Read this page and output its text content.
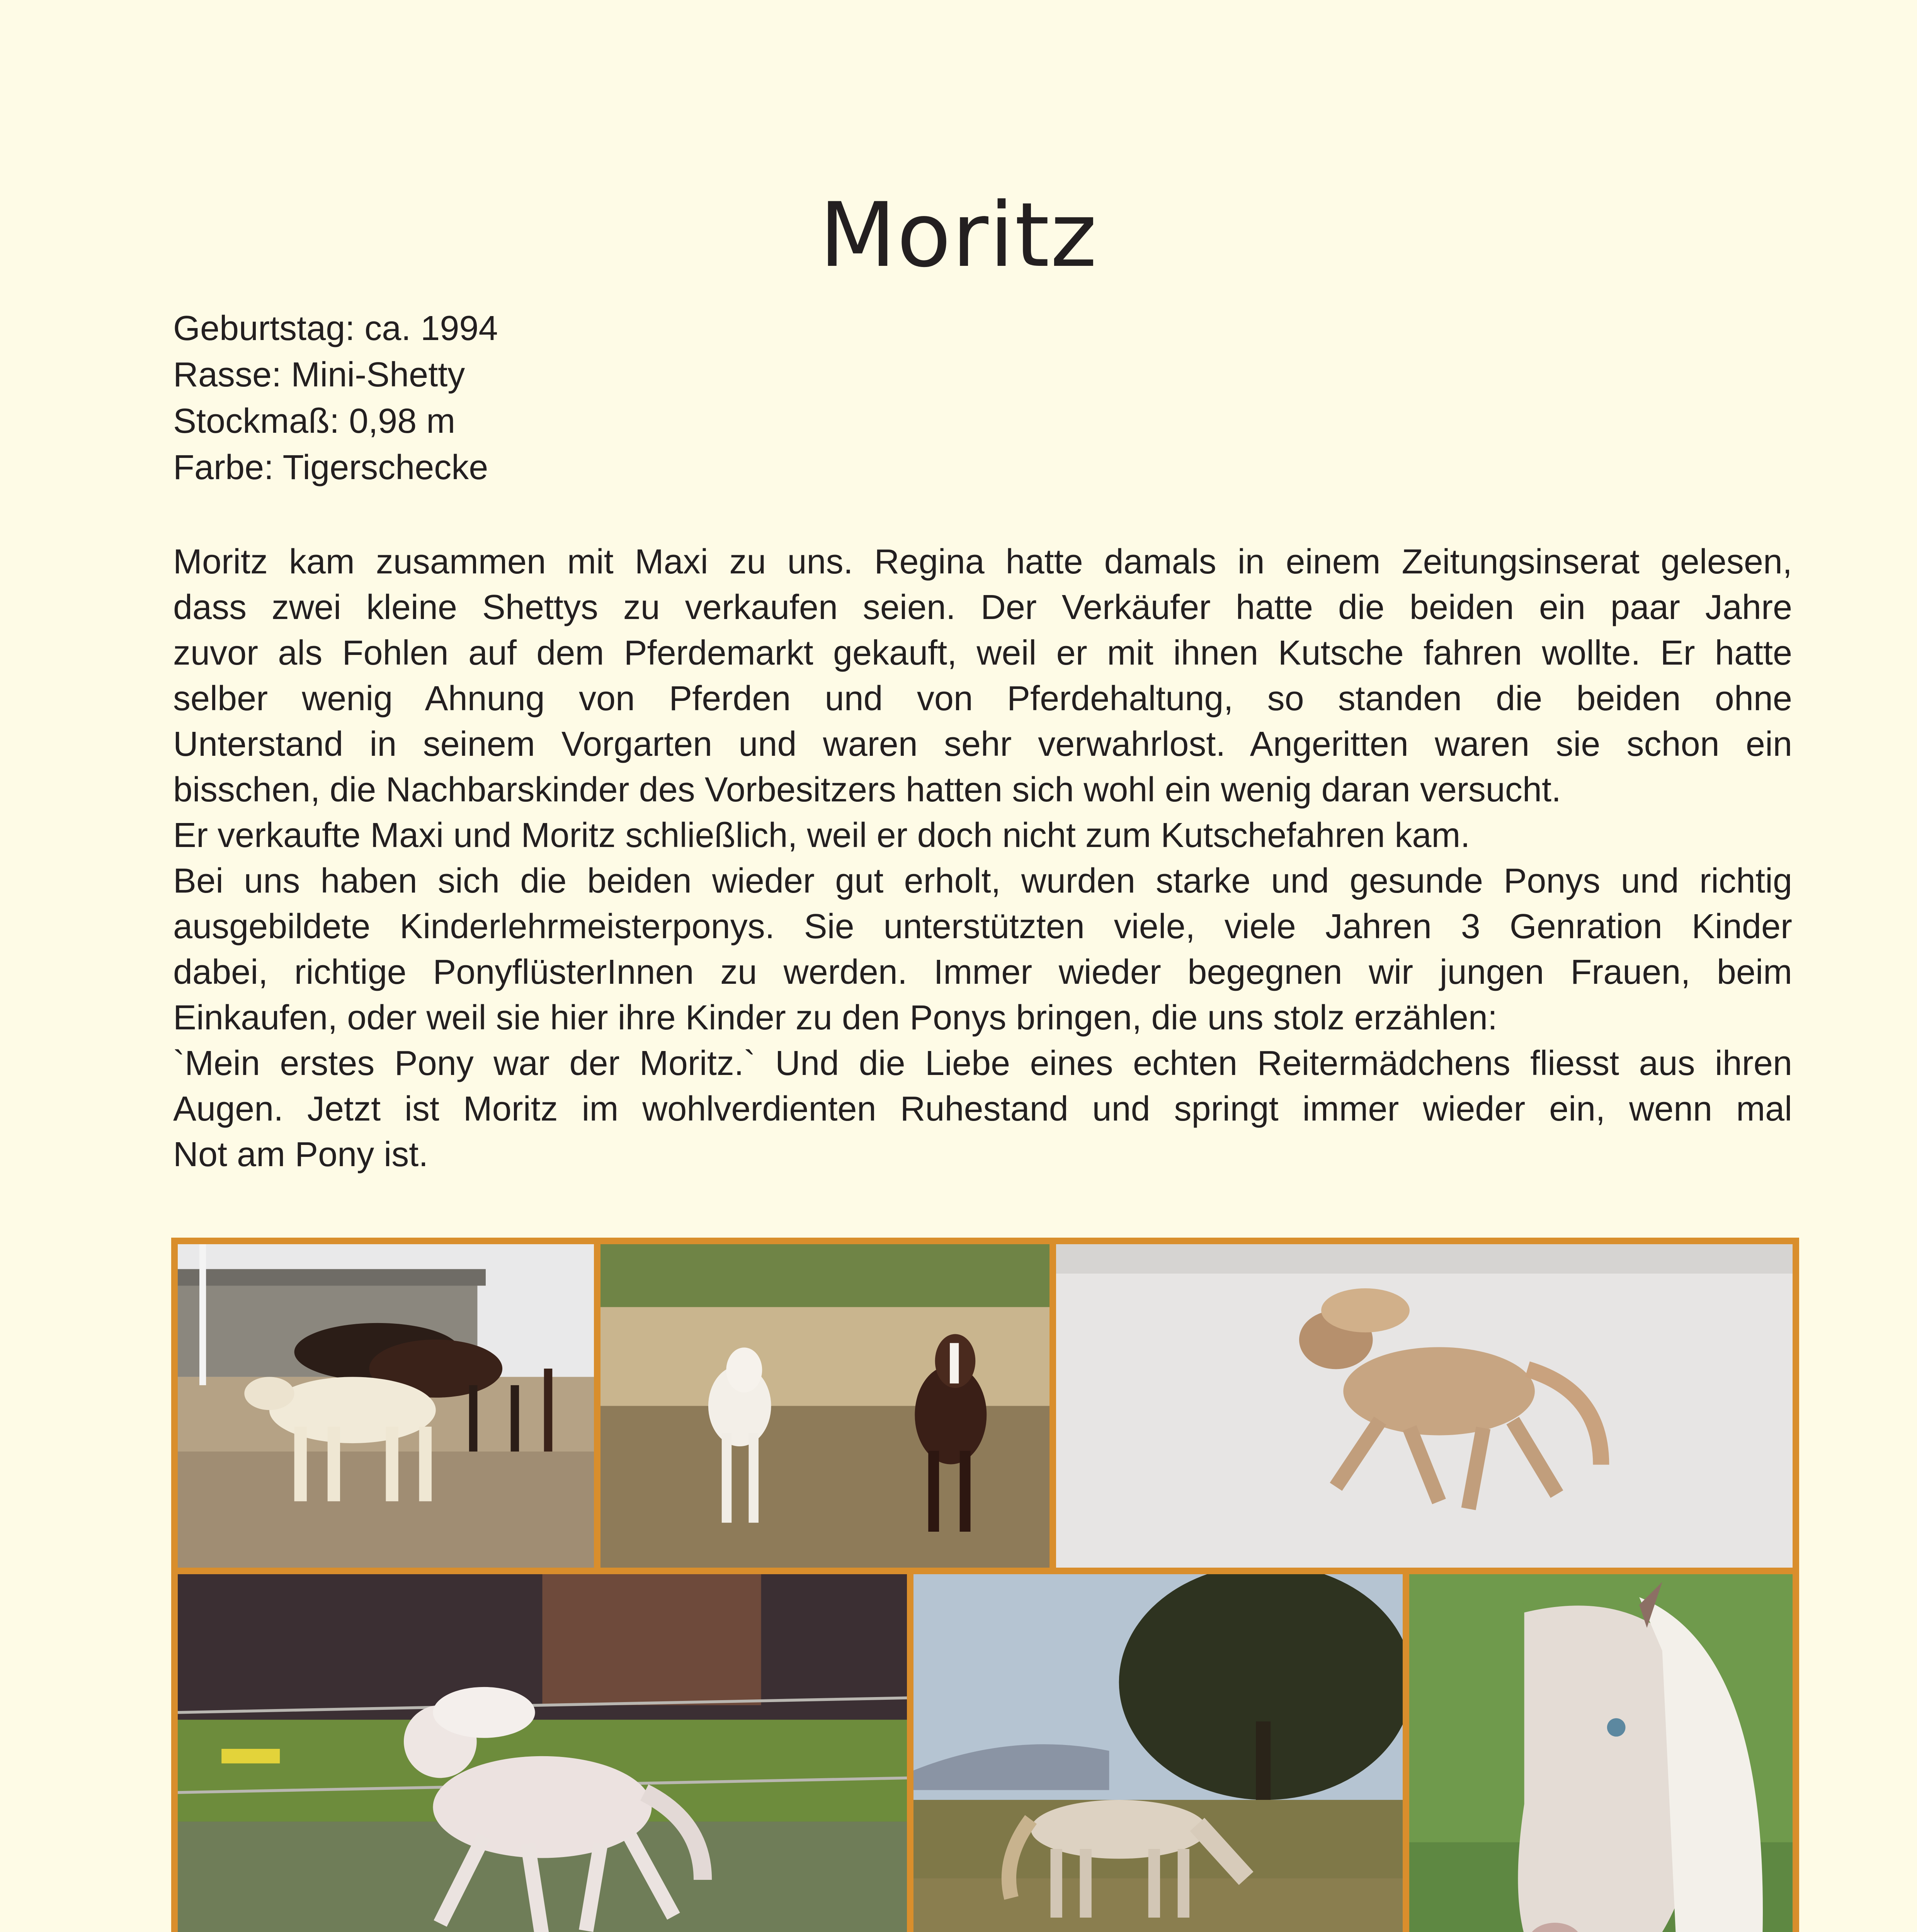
Moritz
Geburtstag: ca. 1994
Rasse: Mini-Shetty
Stockmaß: 0,98 m
Farbe: Tigerschecke
Moritz kam zusammen mit Maxi zu uns. Regina hatte damals in einem Zeitungsinserat gelesen,
dass zwei kleine Shettys zu verkaufen seien. Der Verkäufer hatte die beiden ein paar Jahre
zuvor als Fohlen auf dem Pferdemarkt gekauft, weil er mit ihnen Kutsche fahren wollte. Er hatte
selber wenig Ahnung von Pferden und von Pferdehaltung, so standen die beiden ohne
Unterstand in seinem Vorgarten und waren sehr verwahrlost. Angeritten waren sie schon ein
bisschen, die Nachbarskinder des Vorbesitzers hatten sich wohl ein wenig daran versucht.
Er verkaufte Maxi und Moritz schließlich, weil er doch nicht zum Kutschefahren kam.
Bei uns haben sich die beiden wieder gut erholt, wurden starke und gesunde Ponys und richtig
ausgebildete Kinderlehrmeisterponys. Sie unterstützten viele, viele Jahren 3 Genration Kinder
dabei, richtige PonyflüsterInnen zu werden. Immer wieder begegnen wir jungen Frauen, beim
Einkaufen, oder weil sie hier ihre Kinder zu den Ponys bringen, die uns stolz erzählen:
`Mein erstes Pony war der Moritz.` Und die Liebe eines echten Reitermädchens fliesst aus ihren
Augen. Jetzt ist Moritz im wohlverdienten Ruhestand und springt immer wieder ein, wenn mal
Not am Pony ist.
